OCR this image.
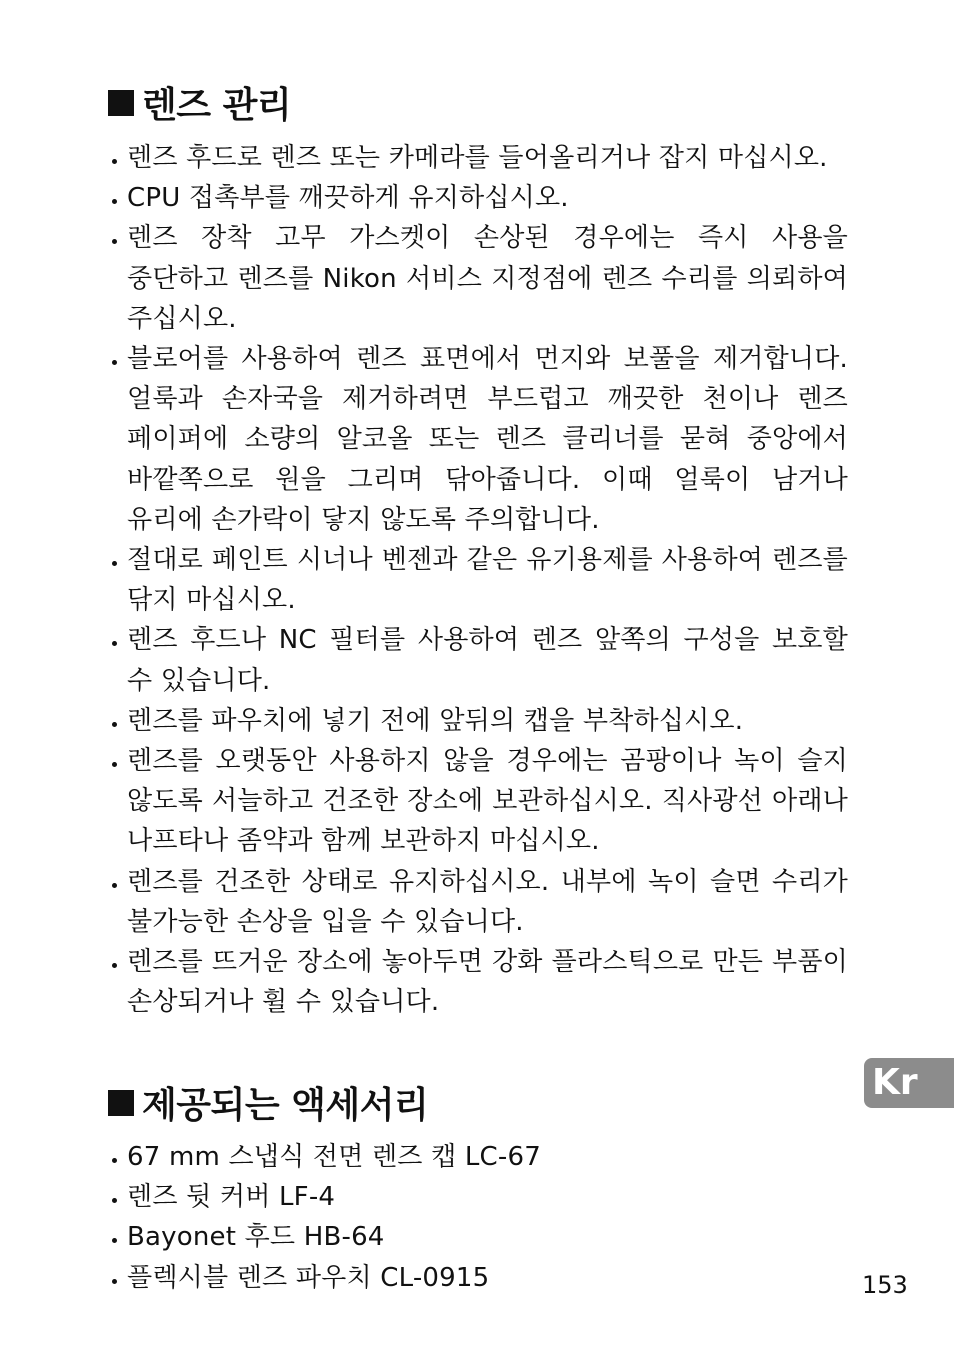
렌즈 관리
렌즈 후드로 렌즈 또는 카메라를 들어올리거나 잡지 마십시오.
CPU 접촉부를 깨끗하게 유지하십시오.
렌즈 장착 고무 가스켓이 손상된 경우에는 즉시 사용을 중단하고 렌즈를 Nikon 서비스 지정점에 렌즈 수리를 의뢰하여 주십시오.
블로어를 사용하여 렌즈 표면에서 먼지와 보풀을 제거합니다. 얼룩과 손자국을 제거하려면 부드럽고 깨끗한 천이나 렌즈 페이퍼에 소량의 알코올 또는 렌즈 클리너를 묻혀 중앙에서 바깥쪽으로 원을 그리며 닦아줍니다. 이때 얼룩이 남거나 유리에 손가락이 닿지 않도록 주의합니다.
절대로 페인트 시너나 벤젠과 같은 유기용제를 사용하여 렌즈를 닦지 마십시오.
렌즈 후드나 NC 필터를 사용하여 렌즈 앞쪽의 구성을 보호할 수 있습니다.
렌즈를 파우치에 넣기 전에 앞뒤의 캡을 부착하십시오.
렌즈를 오랫동안 사용하지 않을 경우에는 곰팡이나 녹이 슬지 않도록 서늘하고 건조한 장소에 보관하십시오. 직사광선 아래나 나프타나 좀약과 함께 보관하지 마십시오.
렌즈를 건조한 상태로 유지하십시오. 내부에 녹이 슬면 수리가 불가능한 손상을 입을 수 있습니다.
렌즈를 뜨거운 장소에 놓아두면 강화 플라스틱으로 만든 부품이 손상되거나 휠 수 있습니다.
제공되는 액세서리
67 mm 스냅식 전면 렌즈 캡 LC-67
렌즈 뒷 커버 LF-4
Bayonet 후드 HB-64
플렉시블 렌즈 파우치 CL-0915
Kr
153
